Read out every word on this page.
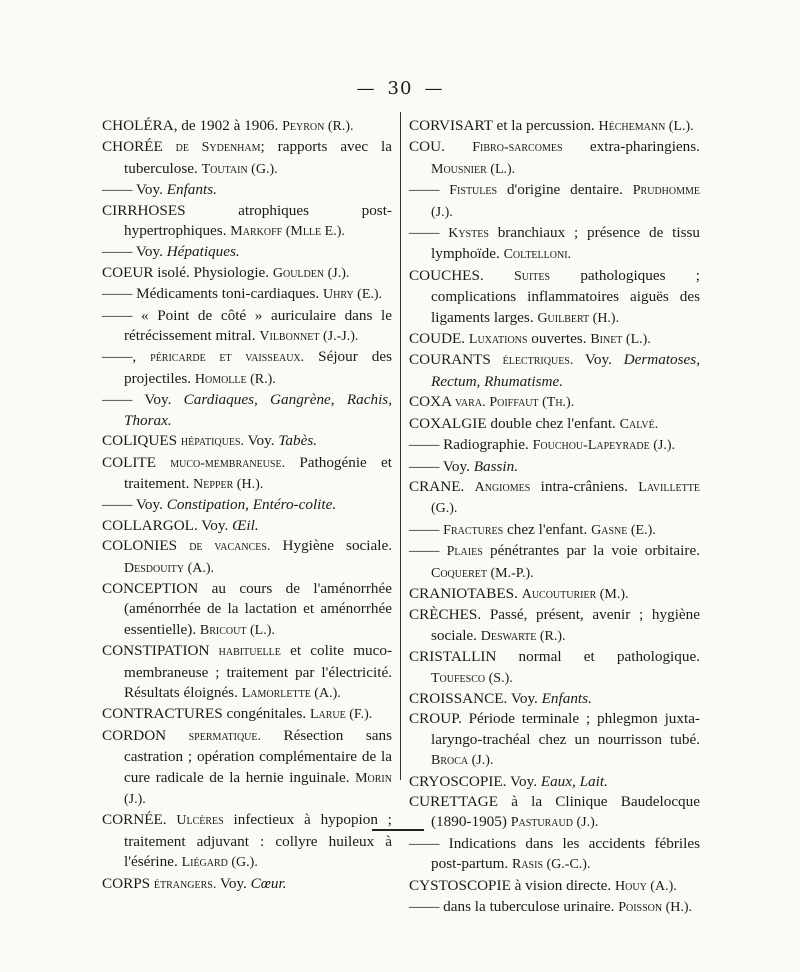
— 30 —

CHOLÉRA, de 1902 à 1906. Peyron (R.).

CHORÉE de Sydenham; rapports avec la tuberculose. Toutain (G.).

—— Voy. Enfants.

CIRRHOSES atrophiques post-hypertrophiques. Markoff (Mlle E.).

—— Voy. Hépatiques.

COEUR isolé. Physiologie. Goulden (J.).

—— Médicaments toni-cardiaques. Uhry (E.).

—— « Point de côté » auriculaire dans le rétrécissement mitral. Vilbonnet (J.-J.).

——, péricarde et vaisseaux. Séjour des projectiles. Homolle (R.).

—— Voy. Cardiaques, Gangrène, Rachis, Thorax.

COLIQUES hépatiques. Voy. Tabès.

COLITE muco-membraneuse. Pathogénie et traitement. Nepper (H.).

—— Voy. Constipation, Entéro-colite.

COLLARGOL. Voy. Œil.

COLONIES de vacances. Hygiène sociale. Desdouity (A.).

CONCEPTION au cours de l'aménorrhée (aménorrhée de la lactation et aménorrhée essentielle). Bricout (L.).

CONSTIPATION habituelle et colite muco-membraneuse ; traitement par l'électricité. Résultats éloignés. Lamorlette (A.).

CONTRACTURES congénitales. Larue (F.).

CORDON spermatique. Résection sans castration ; opération complémentaire de la cure radicale de la hernie inguinale. Morin (J.).

CORNÉE. Ulcères infectieux à hypopion ; traitement adjuvant : collyre huileux à l'ésérine. Liégard (G.).

CORPS étrangers. Voy. Cœur.

CORVISART et la percussion. Héchemann (L.).

COU. Fibro-sarcomes extra-pharingiens. Mousnier (L.).

—— Fistules d'origine dentaire. Prudhomme (J.).

—— Kystes branchiaux ; présence de tissu lymphoïde. Coltelloni.

COUCHES. Suites pathologiques ; complications inflammatoires aiguës des ligaments larges. Guilbert (H.).

COUDE. Luxations ouvertes. Binet (L.).

COURANTS électriques. Voy. Dermatoses, Rectum, Rhumatisme.

COXA vara. Poiffaut (Th.).

COXALGIE double chez l'enfant. Calvé.

—— Radiographie. Fouchou-Lapeyrade (J.).

—— Voy. Bassin.

CRANE. Angiomes intra-crâniens. Lavillette (G.).

—— Fractures chez l'enfant. Gasne (E.).

—— Plaies pénétrantes par la voie orbitaire. Coqueret (M.-P.).

CRANIOTABES. Aucouturier (M.).

CRÈCHES. Passé, présent, avenir ; hygiène sociale. Deswarte (R.).

CRISTALLIN normal et pathologique. Toufesco (S.).

CROISSANCE. Voy. Enfants.

CROUP. Période terminale ; phlegmon juxta-laryngo-trachéal chez un nourrisson tubé. Broca (J.).

CRYOSCOPIE. Voy. Eaux, Lait.

CURETTAGE à la Clinique Baudelocque (1890-1905) Pasturaud (J.).

—— Indications dans les accidents fébriles post-partum. Rasis (G.-C.).

CYSTOSCOPIE à vision directe. Houy (A.).

—— dans la tuberculose urinaire. Poisson (H.).
